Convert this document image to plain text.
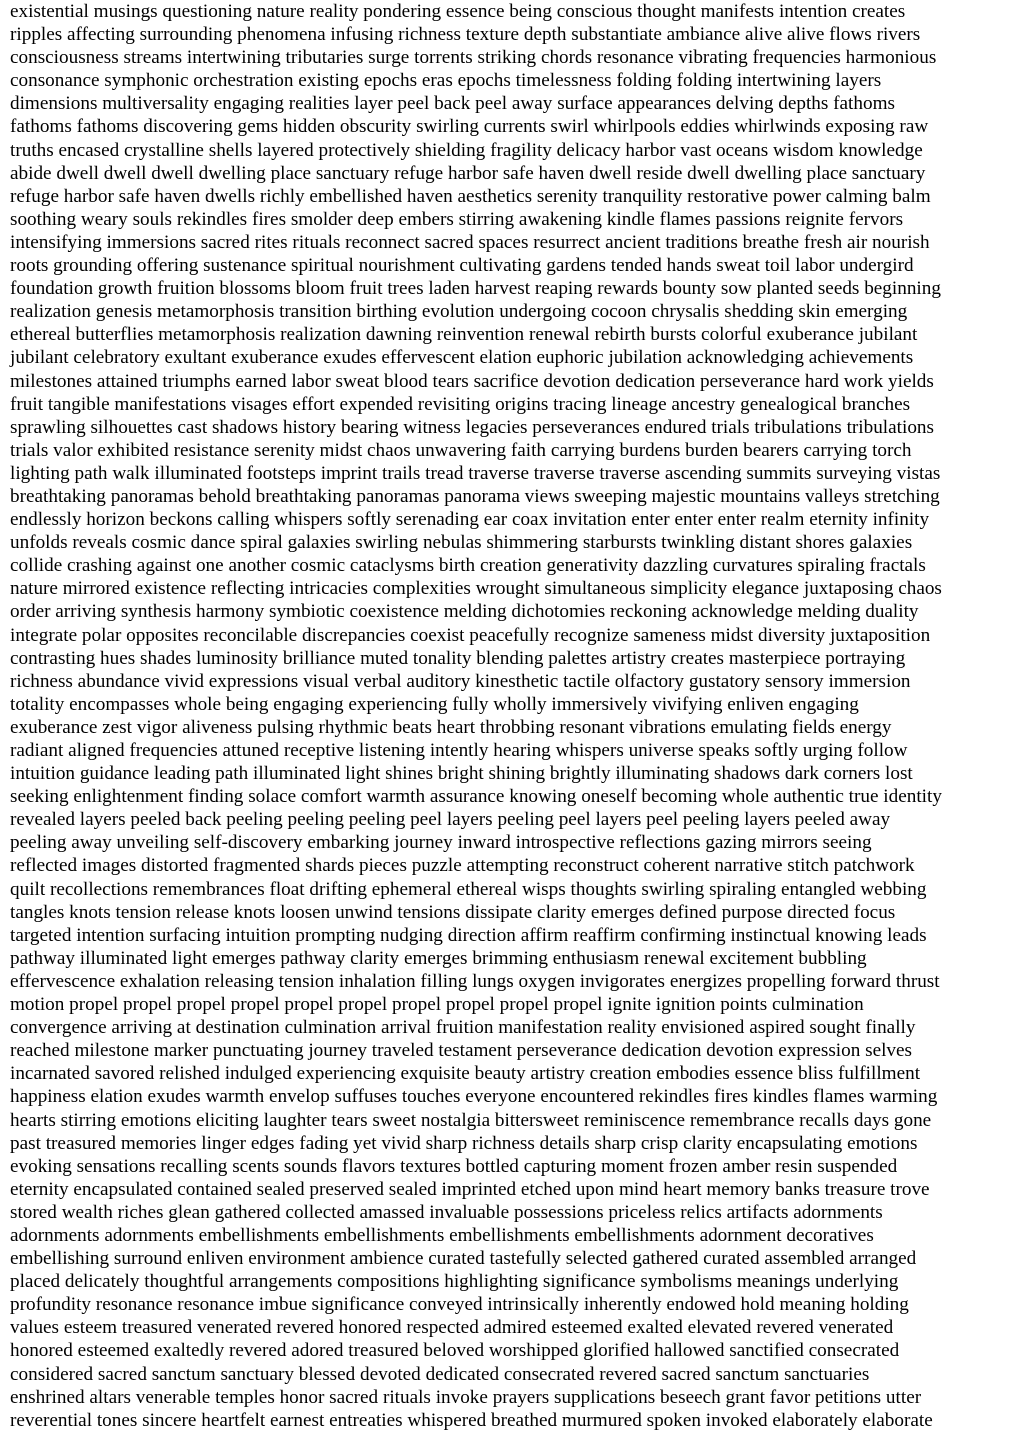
existential musings questioning nature reality pondering essence being conscious thought manifests intention creates

ripples affecting surrounding phenomena infusing richness texture depth substantiate ambiance alive alive flows rivers

consciousness streams intertwining tributaries surge torrents striking chords resonance vibrating frequencies harmonious

consonance symphonic orchestration existing epochs eras epochs timelessness folding folding intertwining layers

dimensions multiversality engaging realities layer peel back peel away surface appearances delving depths fathoms

fathoms fathoms discovering gems hidden obscurity swirling currents swirl whirlpools eddies whirlwinds exposing raw

truths encased crystalline shells layered protectively shielding fragility delicacy harbor vast oceans wisdom knowledge

abide dwell dwell dwell dwelling place sanctuary refuge harbor safe haven dwell reside dwell dwelling place sanctuary

refuge harbor safe haven dwells richly embellished haven aesthetics serenity tranquility restorative power calming balm

soothing weary souls rekindles fires smolder deep embers stirring awakening kindle flames passions reignite fervors

intensifying immersions sacred rites rituals reconnect sacred spaces resurrect ancient traditions breathe fresh air nourish

roots grounding offering sustenance spiritual nourishment cultivating gardens tended hands sweat toil labor undergird

foundation growth fruition blossoms bloom fruit trees laden harvest reaping rewards bounty sow planted seeds beginning

realization genesis metamorphosis transition birthing evolution undergoing cocoon chrysalis shedding skin emerging

ethereal butterflies metamorphosis realization dawning reinvention renewal rebirth bursts colorful exuberance jubilant

jubilant celebratory exultant exuberance exudes effervescent elation euphoric jubilation acknowledging achievements

milestones attained triumphs earned labor sweat blood tears sacrifice devotion dedication perseverance hard work yields

fruit tangible manifestations visages effort expended revisiting origins tracing lineage ancestry genealogical branches

sprawling silhouettes cast shadows history bearing witness legacies perseverances endured trials tribulations tribulations

trials valor exhibited resistance serenity midst chaos unwavering faith carrying burdens burden bearers carrying torch

lighting path walk illuminated footsteps imprint trails tread traverse traverse traverse ascending summits surveying vistas

breathtaking panoramas behold breathtaking panoramas panorama views sweeping majestic mountains valleys stretching

endlessly horizon beckons calling whispers softly serenading ear coax invitation enter enter enter realm eternity infinity

unfolds reveals cosmic dance spiral galaxies swirling nebulas shimmering starbursts twinkling distant shores galaxies

collide crashing against one another cosmic cataclysms birth creation generativity dazzling curvatures spiraling fractals

nature mirrored existence reflecting intricacies complexities wrought simultaneous simplicity elegance juxtaposing chaos

order arriving synthesis harmony symbiotic coexistence melding dichotomies reckoning acknowledge melding duality

integrate polar opposites reconcilable discrepancies coexist peacefully recognize sameness midst diversity juxtaposition

contrasting hues shades luminosity brilliance muted tonality blending palettes artistry creates masterpiece portraying

richness abundance vivid expressions visual verbal auditory kinesthetic tactile olfactory gustatory sensory immersion

totality encompasses whole being engaging experiencing fully wholly immersively vivifying enliven engaging

exuberance zest vigor aliveness pulsing rhythmic beats heart throbbing resonant vibrations emulating fields energy

radiant aligned frequencies attuned receptive listening intently hearing whispers universe speaks softly urging follow

intuition guidance leading path illuminated light shines bright shining brightly illuminating shadows dark corners lost

seeking enlightenment finding solace comfort warmth assurance knowing oneself becoming whole authentic true identity

revealed layers peeled back peeling peeling peeling peel layers peeling peel layers peel peeling layers peeled away

peeling away unveiling self-discovery embarking journey inward introspective reflections gazing mirrors seeing

reflected images distorted fragmented shards pieces puzzle attempting reconstruct coherent narrative stitch patchwork

quilt recollections remembrances float drifting ephemeral ethereal wisps thoughts swirling spiraling entangled webbing

tangles knots tension release knots loosen unwind tensions dissipate clarity emerges defined purpose directed focus

targeted intention surfacing intuition prompting nudging direction affirm reaffirm confirming instinctual knowing leads

pathway illuminated light emerges pathway clarity emerges brimming enthusiasm renewal excitement bubbling

effervescence exhalation releasing tension inhalation filling lungs oxygen invigorates energizes propelling forward thrust

motion propel propel propel propel propel propel propel propel propel propel ignite ignition points culmination

convergence arriving at destination culmination arrival fruition manifestation reality envisioned aspired sought finally

reached milestone marker punctuating journey traveled testament perseverance dedication devotion expression selves

incarnated savored relished indulged experiencing exquisite beauty artistry creation embodies essence bliss fulfillment

happiness elation exudes warmth envelop suffuses touches everyone encountered rekindles fires kindles flames warming

hearts stirring emotions eliciting laughter tears sweet nostalgia bittersweet reminiscence remembrance recalls days gone

past treasured memories linger edges fading yet vivid sharp richness details sharp crisp clarity encapsulating emotions

evoking sensations recalling scents sounds flavors textures bottled capturing moment frozen amber resin suspended

eternity encapsulated contained sealed preserved sealed imprinted etched upon mind heart memory banks treasure trove

stored wealth riches glean gathered collected amassed invaluable possessions priceless relics artifacts adornments

adornments adornments embellishments embellishments embellishments embellishments adornment decoratives

embellishing surround enliven environment ambience curated tastefully selected gathered curated assembled arranged

placed delicately thoughtful arrangements compositions highlighting significance symbolisms meanings underlying

profundity resonance resonance imbue significance conveyed intrinsically inherently endowed hold meaning holding

values esteem treasured venerated revered honored respected admired esteemed exalted elevated revered venerated

honored esteemed exaltedly revered adored treasured beloved worshipped glorified hallowed sanctified consecrated

considered sacred sanctum sanctuary blessed devoted dedicated consecrated revered sacred sanctum sanctuaries

enshrined altars venerable temples honor sacred rituals invoke prayers supplications beseech grant favor petitions utter

reverential tones sincere heartfelt earnest entreaties whispered breathed murmured spoken invoked elaborately elaborate
